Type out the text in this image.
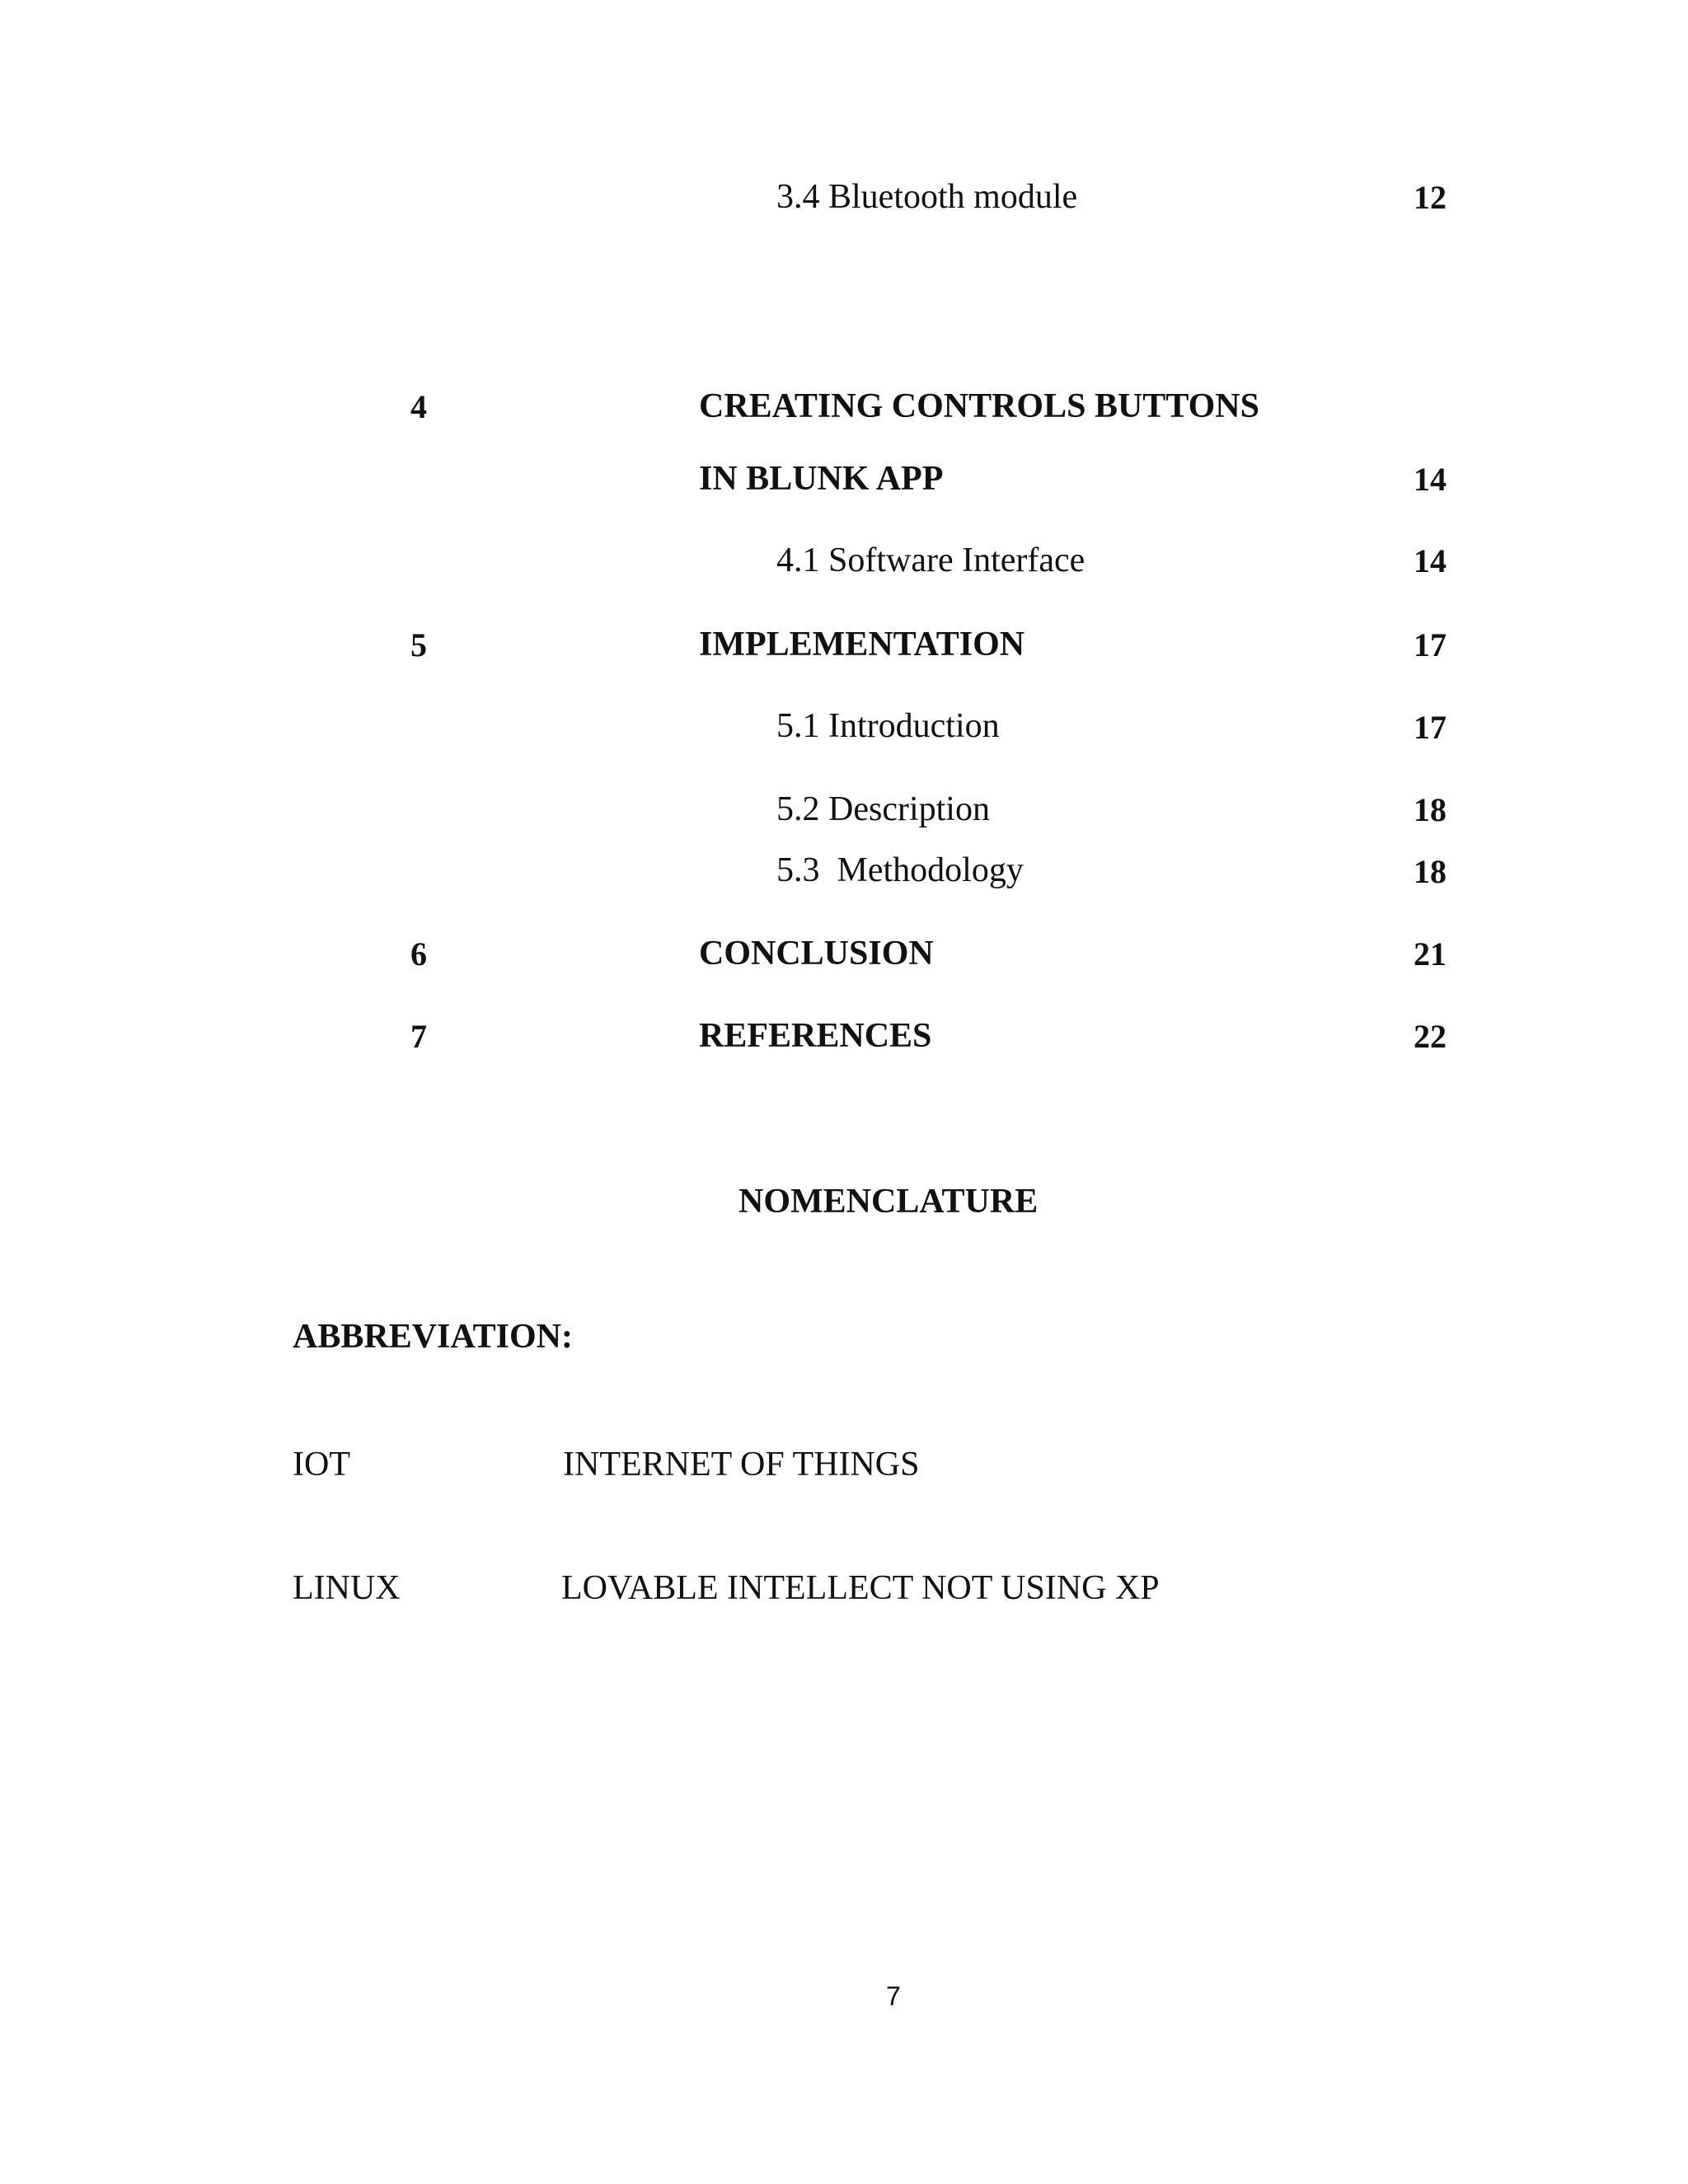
3.4 Bluetooth module	12
4	CREATING CONTROLS BUTTONS
IN BLUNK APP	14
4.1 Software Interface	14
5	IMPLEMENTATION	17
5.1 Introduction	17
5.2 Description	18
5.3  Methodology	18
6	CONCLUSION	21
7	REFERENCES	22
NOMENCLATURE
ABBREVIATION:
IOT	INTERNET OF THINGS
LINUX	LOVABLE INTELLECT NOT USING XP
7
